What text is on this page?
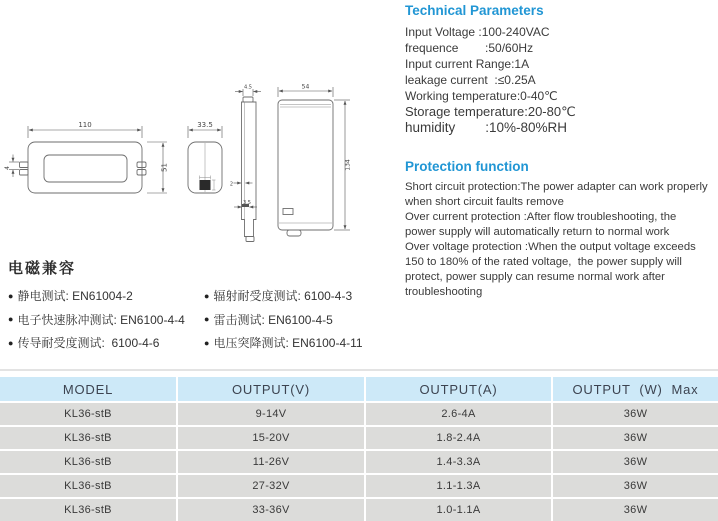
110
4	51
33.5
4.5
2
3.5
54
134
电磁兼容
● 静电测试: EN61004-2
● 电子快速脉冲测试: EN6100-4-4
● 传导耐受度测试:  6100-4-6
● 辐射耐受度测试: 6100-4-3
● 雷击测试: EN6100-4-5
● 电压突降测试: EN6100-4-11
Technical Parameters
Input Voltage :100-240VAC
frequence        :50/60Hz
Input current Range:1A
leakage current  :≤0.25A
Working temperature:0-40℃
Storage temperature:20-80℃
humidity        :10%-80%RH
Protection function
Short circuit protection:The power adapter can work properly
when short circuit faults remove
Over current protection :After flow troubleshooting, the
power supply will automatically return to normal work
Over voltage protection :When the output voltage exceeds
150 to 180% of the rated voltage,  the power supply will
protect, power supply can resume normal work after
troubleshooting
MODEL	OUTPUT(V)	OUTPUT(A)	OUTPUT  (W)  Max
KL36-stB	9-14V	2.6-4A	36W
KL36-stB	15-20V	1.8-2.4A	36W
KL36-stB	11-26V	1.4-3.3A	36W
KL36-stB	27-32V	1.1-1.3A	36W
KL36-stB	33-36V	1.0-1.1A	36W
